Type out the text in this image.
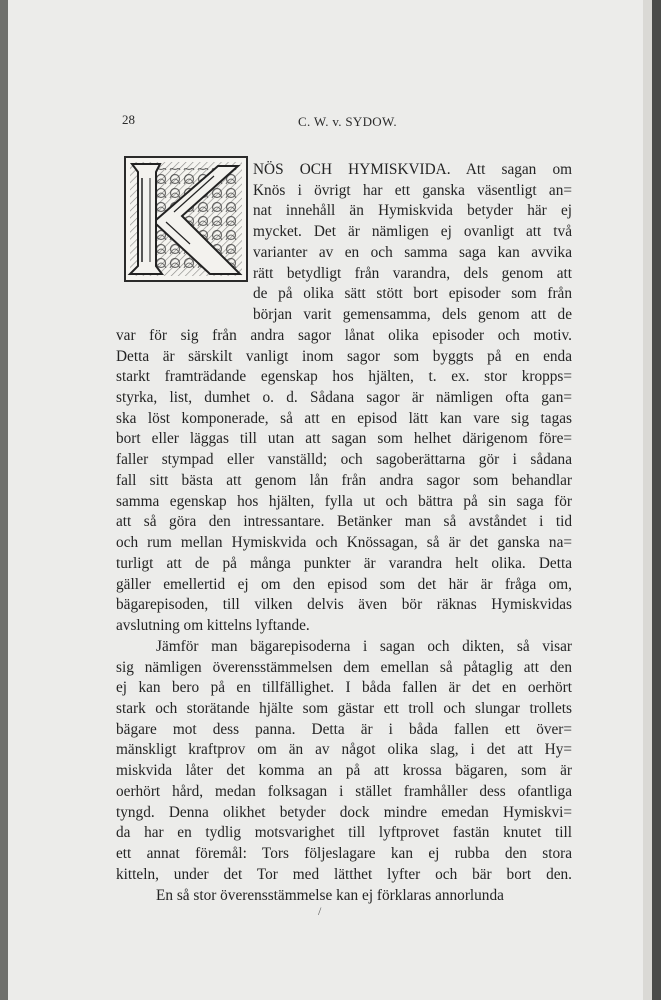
28	C. W. v. SYDOW.
NÖS OCH HYMISKVIDA. Att sagan om
Knös i övrigt har ett ganska väsentligt an=
nat innehåll än Hymiskvida betyder här ej
mycket. Det är nämligen ej ovanligt att två
varianter av en och samma saga kan avvika
rätt betydligt från varandra, dels genom att
de på olika sätt stött bort episoder som från
början varit gemensamma, dels genom att de
var för sig från andra sagor lånat olika episoder och motiv.
Detta är särskilt vanligt inom sagor som byggts på en enda
starkt framträdande egenskap hos hjälten, t. ex. stor kropps=
styrka, list, dumhet o. d. Sådana sagor är nämligen ofta gan=
ska löst komponerade, så att en episod lätt kan vare sig tagas
bort eller läggas till utan att sagan som helhet därigenom före=
faller stympad eller vanställd; och sagoberättarna gör i sådana
fall sitt bästa att genom lån från andra sagor som behandlar
samma egenskap hos hjälten, fylla ut och bättra på sin saga för
att så göra den intressantare. Betänker man så avståndet i tid
och rum mellan Hymiskvida och Knössagan, så är det ganska na=
turligt att de på många punkter är varandra helt olika. Detta
gäller emellertid ej om den episod som det här är fråga om,
bägarepisoden, till vilken delvis även bör räknas Hymiskvidas
avslutning om kittelns lyftande.
Jämför man bägarepisoderna i sagan och dikten, så visar
sig nämligen överensstämmelsen dem emellan så påtaglig att den
ej kan bero på en tillfällighet. I båda fallen är det en oerhört
stark och storätande hjälte som gästar ett troll och slungar trollets
bägare mot dess panna. Detta är i båda fallen ett över=
mänskligt kraftprov om än av något olika slag, i det att Hy=
miskvida låter det komma an på att krossa bägaren, som är
oerhört hård, medan folksagan i stället framhåller dess ofantliga
tyngd. Denna olikhet betyder dock mindre emedan Hymiskvi=
da har en tydlig motsvarighet till lyftprovet fastän knutet till
ett annat föremål: Tors följeslagare kan ej rubba den stora
kitteln, under det Tor med lätthet lyfter och bär bort den.
En så stor överensstämmelse kan ej förklaras annorlunda
/
